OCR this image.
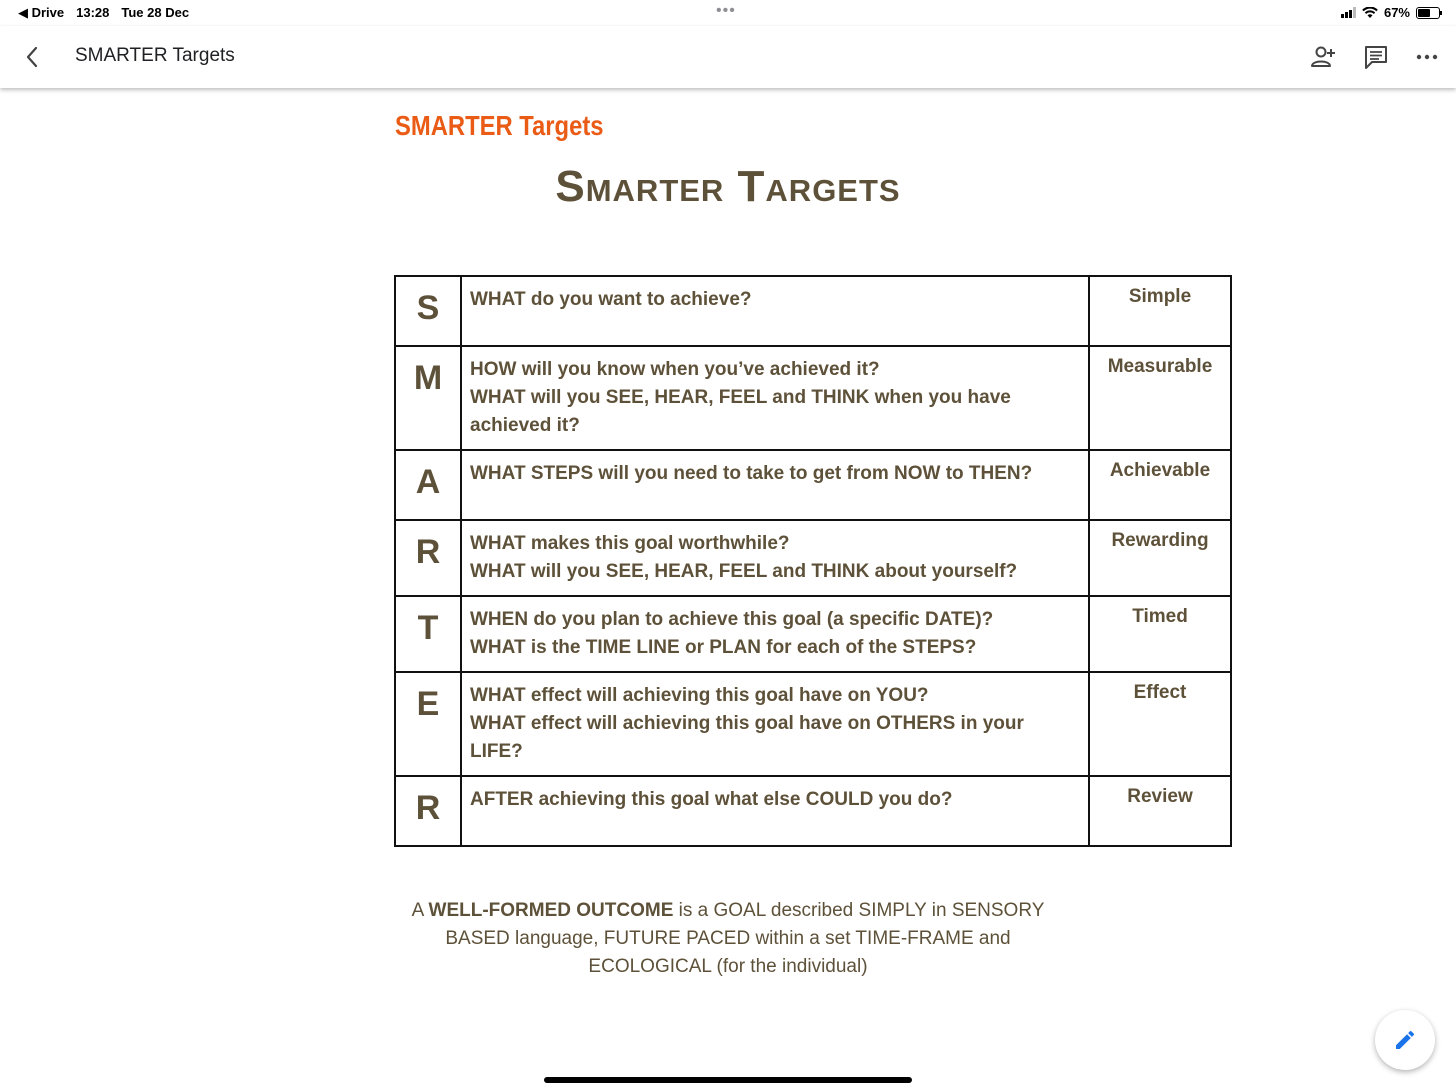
◀ Drive 13:28 Tue 28 Dec	•••	67%
SMARTER Targets
SMARTER Targets
Smarter Targets
S	WHAT do you want to achieve?	Simple
M	HOW will you know when you’ve achieved it?
WHAT will you SEE, HEAR, FEEL and THINK when you have achieved it?	Measurable
A	WHAT STEPS will you need to take to get from NOW to THEN?	Achievable
R	WHAT makes this goal worthwhile?
WHAT will you SEE, HEAR, FEEL and THINK about yourself?	Rewarding
T	WHEN do you plan to achieve this goal (a specific DATE)?
WHAT is the TIME LINE or PLAN for each of the STEPS?	Timed
E	WHAT effect will achieving this goal have on YOU?
WHAT effect will achieving this goal have on OTHERS in your LIFE?	Effect
R	AFTER achieving this goal what else COULD you do?	Review
A WELL-FORMED OUTCOME is a GOAL described SIMPLY in SENSORY BASED language, FUTURE PACED within a set TIME-FRAME and ECOLOGICAL (for the individual)
